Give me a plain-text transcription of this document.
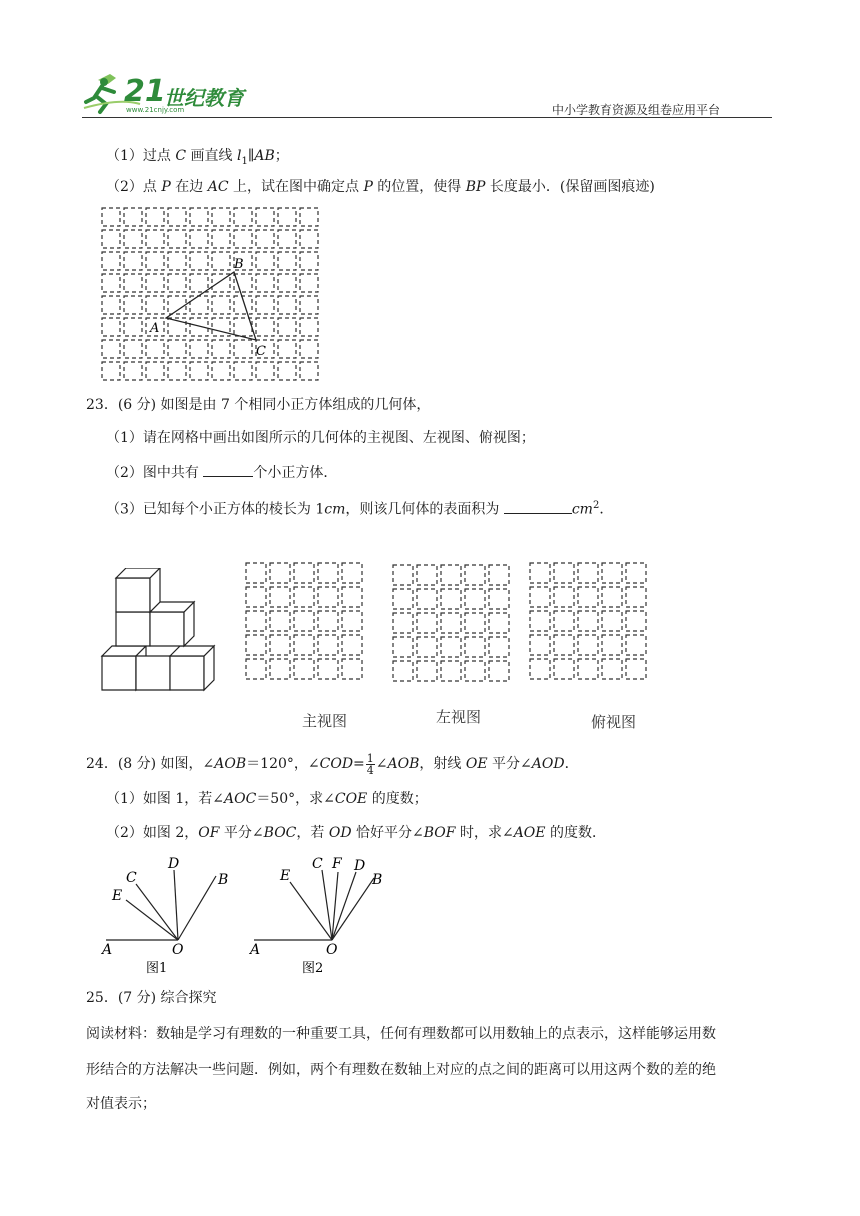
21
世纪教育
www.21cnjy.com	中小学教育资源及组卷应用平台
（1）过点 C 画直线 $l_1\parallel AB$；
（2）点 P 在边 AC 上，试在图中确定点 P 的位置，使得 BP 长度最小．(保留画图痕迹)
A
B
C
23．(6 分) 如图是由 7 个相同小正方体组成的几何体，
（1）请在网格中画出如图所示的几何体的主视图、左视图、俯视图；
（2）图中共有	个小正方体．
（3）已知每个小正方体的棱长为 1cm，则该几何体的表面积为	$cm^2$．
主视图	左视图	俯视图
24．(8 分) 如图，∠AOB＝120°，∠COD= $\frac{1}{4}$ ∠AOB，射线 OE 平分∠AOD．
（1）如图 1，若∠AOC＝50°，求∠COE 的度数；
（2）如图 2，OF 平分∠BOC，若 OD 恰好平分∠BOF 时，求∠AOE 的度数．
A	O
B
D
C
E
图1
A	O
B
D
F
C
E
图2
25．(7 分) 综合探究
阅读材料：数轴是学习有理数的一种重要工具，任何有理数都可以用数轴上的点表示，这样能够运用数
形结合的方法解决一些问题．例如，两个有理数在数轴上对应的点之间的距离可以用这两个数的差的绝
对值表示；
